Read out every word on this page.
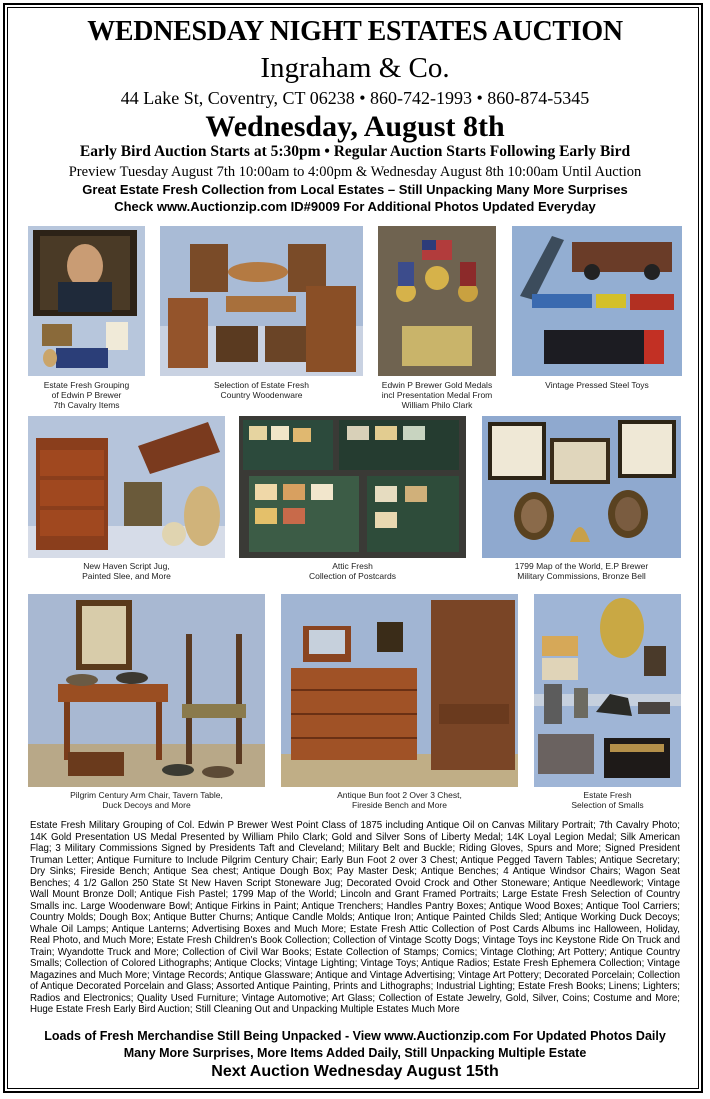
WEDNESDAY NIGHT ESTATES AUCTION
Ingraham & Co.
44 Lake St, Coventry, CT 06238 • 860-742-1993 • 860-874-5345
Wednesday, August 8th
Early Bird Auction Starts at 5:30pm • Regular Auction Starts Following Early Bird
Preview Tuesday August 7th 10:00am to 4:00pm & Wednesday August 8th 10:00am Until Auction
Great Estate Fresh Collection from Local Estates – Still Unpacking Many More Surprises
Check www.Auctionzip.com ID#9009 For Additional Photos Updated Everyday
Estate Fresh Grouping
of Edwin P Brewer
7th Cavalry Items
Selection of Estate Fresh
Country Woodenware
Edwin P Brewer Gold Medals
incl Presentation Medal From
William Philo Clark
Vintage Pressed Steel Toys
New Haven Script Jug,
Painted Slee, and More
Attic Fresh
Collection of Postcards
1799 Map of the World, E.P Brewer
Military Commissions, Bronze Bell
Pilgrim Century Arm Chair, Tavern Table,
Duck Decoys and More
Antique Bun foot 2 Over 3 Chest,
Fireside Bench and More
Estate Fresh
Selection of Smalls
Estate Fresh Military Grouping of Col. Edwin P Brewer West Point Class of 1875 including Antique Oil on Canvas Military Portrait; 7th Cavalry Photo; 14K Gold Presentation US Medal Presented by William Philo Clark; Gold and Silver Sons of Liberty Medal; 14K Loyal Legion Medal; Silk American Flag; 3 Military Commissions Signed by Presidents Taft and Cleveland; Military Belt and Buckle; Riding Gloves, Spurs and More; Signed President Truman Letter; Antique Furniture to Include Pilgrim Century Chair; Early Bun Foot 2 over 3 Chest; Antique Pegged Tavern Tables; Antique Secretary; Dry Sinks; Fireside Bench; Antique Sea chest; Antique Dough Box; Pay Master Desk; Antique Benches; 4 Antique Windsor Chairs; Wagon Seat Benches; 4 1/2 Gallon 250 State St New Haven Script Stoneware Jug; Decorated Ovoid Crock and Other Stoneware; Antique Needlework; Vintage Wall Mount Bronze Doll; Antique Fish Pastel; 1799 Map of the World; Lincoln and Grant Framed Portraits; Large Estate Fresh Selection of Country Smalls inc. Large Woodenware Bowl; Antique Firkins in Paint; Antique Trenchers; Handles Pantry Boxes; Antique Wood Boxes; Antique Tool Carriers; Country Molds; Dough Box; Antique Butter Churns; Antique Candle Molds; Antique Iron; Antique Painted Childs Sled; Antique Working Duck Decoys; Whale Oil Lamps; Antique Lanterns; Advertising Boxes and Much More; Estate Fresh Attic Collection of Post Cards Albums inc Halloween, Holiday, Real Photo, and Much More; Estate Fresh Children's Book Collection; Collection of Vintage Scotty Dogs; Vintage Toys inc Keystone Ride On Truck and Train; Wyandotte Truck and More; Collection of Civil War Books; Estate Collection of Stamps; Comics; Vintage Clothing; Art Pottery; Antique Country Smalls; Collection of Colored Lithographs; Antique Clocks; Vintage Lighting; Vintage Toys; Antique Radios; Estate Fresh Ephemera Collection; Vintage Magazines and Much More; Vintage Records; Antique Glassware; Antique and Vintage Advertising; Vintage Art Pottery; Decorated Porcelain; Collection of Antique Decorated Porcelain and Glass; Assorted Antique Painting, Prints and Lithographs; Industrial Lighting; Estate Fresh Books; Linens; Lighters; Radios and Electronics; Quality Used Furniture; Vintage Automotive; Art Glass; Collection of Estate Jewelry, Gold, Silver, Coins; Costume and More; Huge Estate Fresh Early Bird Auction; Still Cleaning Out and Unpacking Multiple Estates Much More
Loads of Fresh Merchandise Still Being Unpacked - View www.Auctionzip.com For Updated Photos Daily
Many More Surprises, More Items Added Daily, Still Unpacking Multiple Estate
Next Auction Wednesday August 15th
